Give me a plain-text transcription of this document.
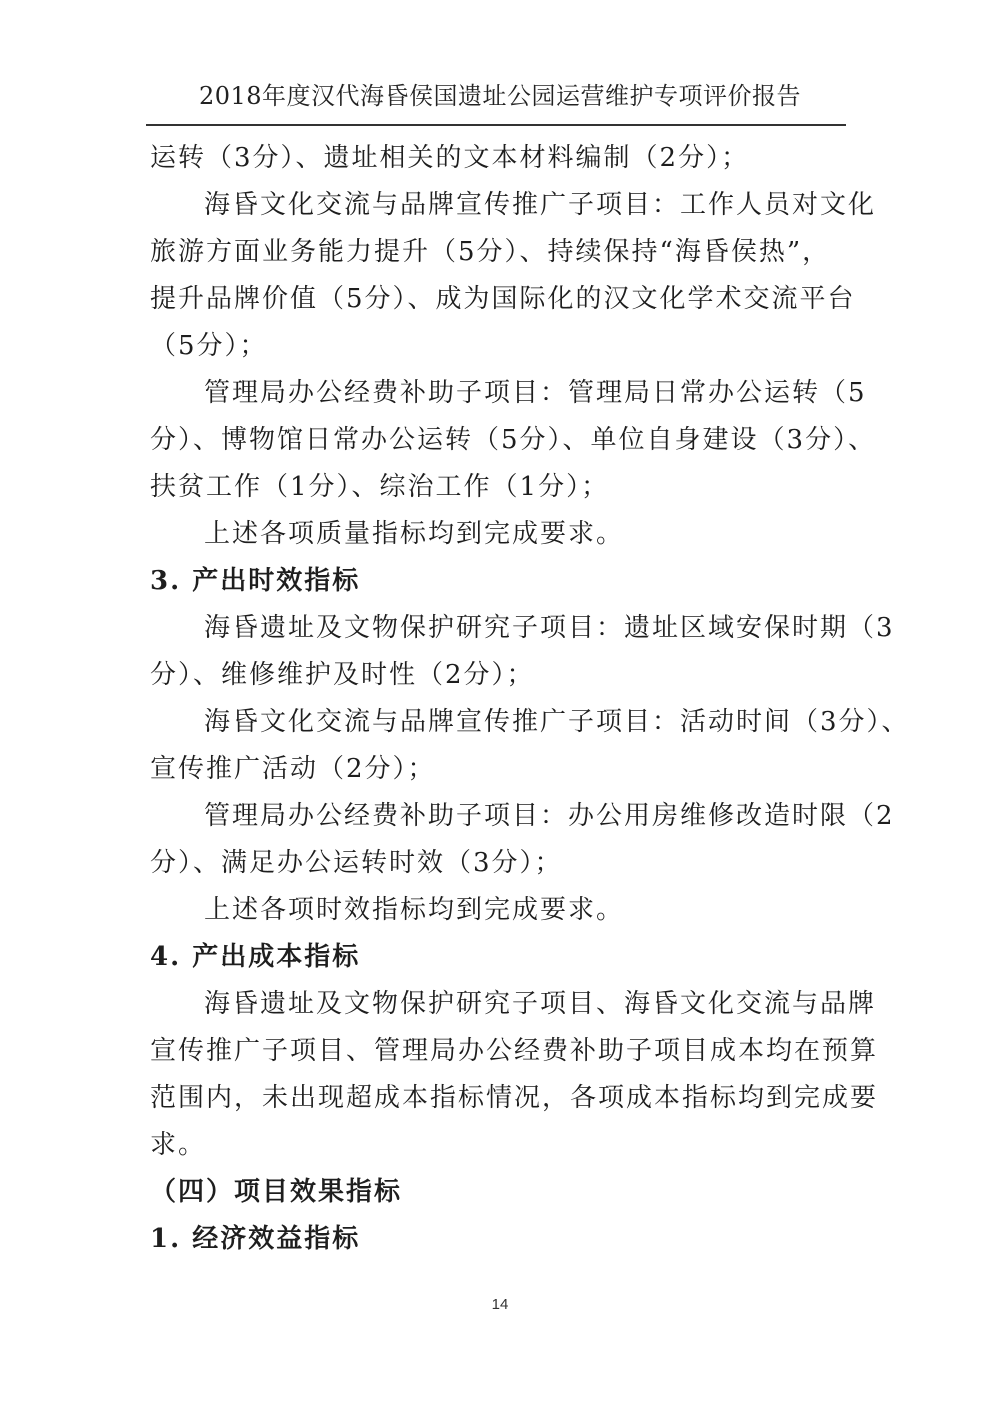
2018年度汉代海昏侯国遗址公园运营维护专项评价报告
运转（3分）、遗址相关的文本材料编制（2分）；
海昏文化交流与品牌宣传推广子项目：工作人员对文化
旅游方面业务能力提升（5分）、持续保持“海昏侯热”，
提升品牌价值（5分）、成为国际化的汉文化学术交流平台
（5分）；
管理局办公经费补助子项目：管理局日常办公运转（5
分）、博物馆日常办公运转（5分）、单位自身建设（3分）、
扶贫工作（1分）、综治工作（1分）；
上述各项质量指标均到完成要求。
3. 产出时效指标
海昏遗址及文物保护研究子项目：遗址区域安保时期（3
分）、维修维护及时性（2分）；
海昏文化交流与品牌宣传推广子项目：活动时间（3分）、
宣传推广活动（2分）；
管理局办公经费补助子项目：办公用房维修改造时限（2
分）、满足办公运转时效（3分）；
上述各项时效指标均到完成要求。
4. 产出成本指标
海昏遗址及文物保护研究子项目、海昏文化交流与品牌
宣传推广子项目、管理局办公经费补助子项目成本均在预算
范围内，未出现超成本指标情况，各项成本指标均到完成要
求。
（四）项目效果指标
1. 经济效益指标
14
